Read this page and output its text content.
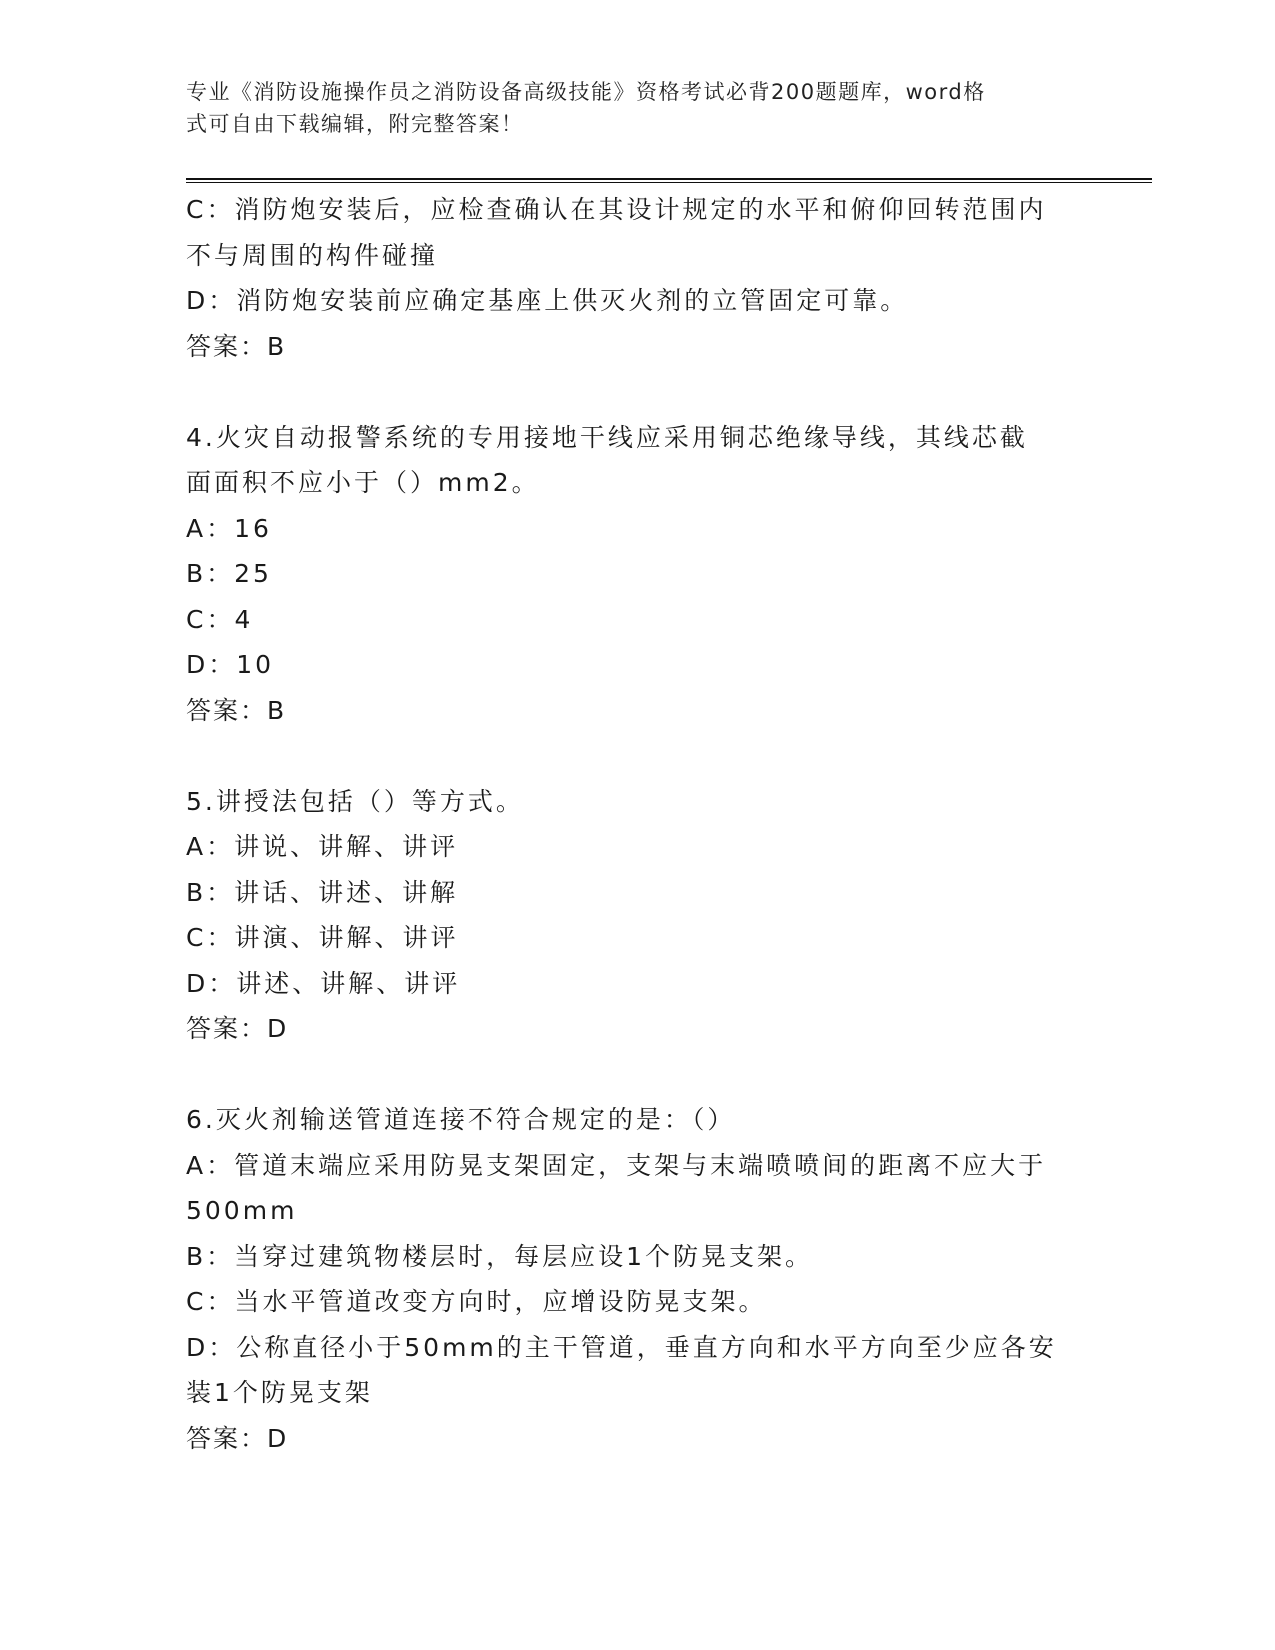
专业《消防设施操作员之消防设备高级技能》资格考试必背200题题库，word格
式可自由下载编辑，附完整答案！
C：消防炮安装后，应检查确认在其设计规定的水平和俯仰回转范围内
不与周围的构件碰撞
D：消防炮安装前应确定基座上供灭火剂的立管固定可靠。
答案：B
4.火灾自动报警系统的专用接地干线应采用铜芯绝缘导线，其线芯截
面面积不应小于（）mm2。
A：16
B：25
C：4
D：10
答案：B
5.讲授法包括（）等方式。
A：讲说、讲解、讲评
B：讲话、讲述、讲解
C：讲演、讲解、讲评
D：讲述、讲解、讲评
答案：D
6.灭火剂输送管道连接不符合规定的是：（）
A：管道末端应采用防晃支架固定，支架与末端喷喷间的距离不应大于
500mm
B：当穿过建筑物楼层时，每层应设1个防晃支架。
C：当水平管道改变方向时，应增设防晃支架。
D：公称直径小于50mm的主干管道，垂直方向和水平方向至少应各安
装1个防晃支架
答案：D
